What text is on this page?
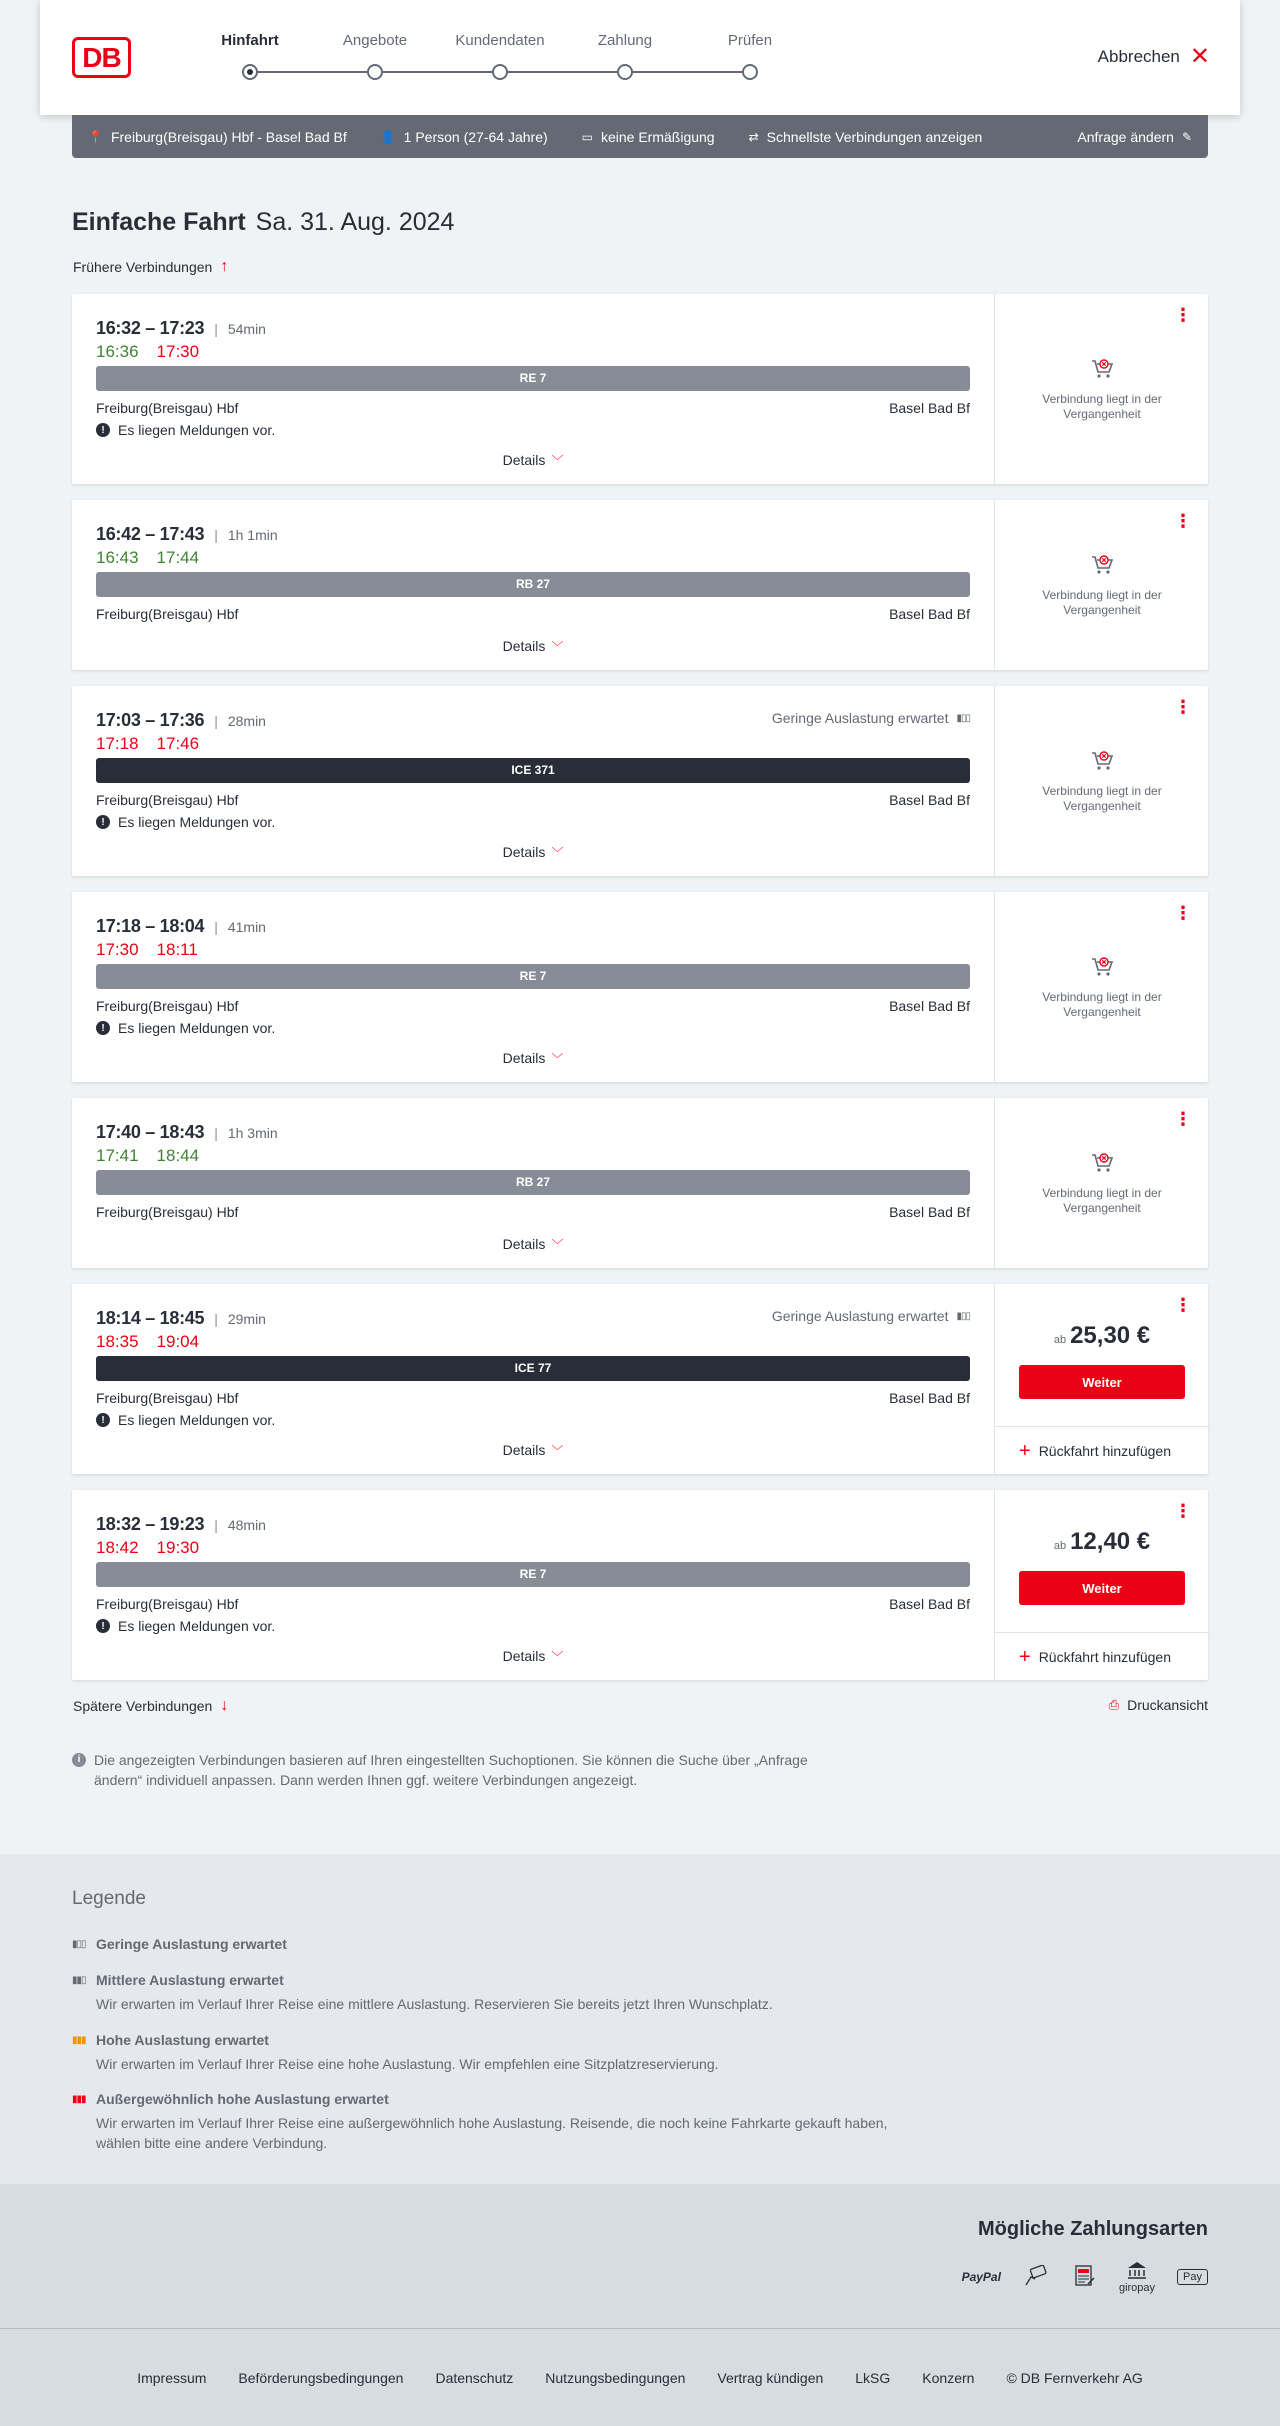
DB
Hinfahrt	Angebote	Kundendaten	Zahlung	Prüfen
Abbrechen ✕
📍 Freiburg(Breisgau) Hbf - Basel Bad Bf	👤 1 Person (27-64 Jahre)	▭ keine Ermäßigung	⇄ Schnellste Verbindungen anzeigen	Anfrage ändern ✎
Einfache Fahrt Sa. 31. Aug. 2024
Frühere Verbindungen ↑
16:32 – 17:23 | 54min
16:36 17:30
RE 7
Freiburg(Breisgau) Hbf	Basel Bad Bf
! Es liegen Meldungen vor.
Details ﹀
⋮
Verbindung liegt in der Vergangenheit
16:42 – 17:43 | 1h 1min
16:43 17:44
RB 27
Freiburg(Breisgau) Hbf	Basel Bad Bf
Details ﹀
⋮
Verbindung liegt in der Vergangenheit
17:03 – 17:36 | 28min	Geringe Auslastung erwartet ▮▯▯
17:18 17:46
ICE 371
Freiburg(Breisgau) Hbf	Basel Bad Bf
! Es liegen Meldungen vor.
Details ﹀
⋮
Verbindung liegt in der Vergangenheit
17:18 – 18:04 | 41min
17:30 18:11
RE 7
Freiburg(Breisgau) Hbf	Basel Bad Bf
! Es liegen Meldungen vor.
Details ﹀
⋮
Verbindung liegt in der Vergangenheit
17:40 – 18:43 | 1h 3min
17:41 18:44
RB 27
Freiburg(Breisgau) Hbf	Basel Bad Bf
Details ﹀
⋮
Verbindung liegt in der Vergangenheit
18:14 – 18:45 | 29min	Geringe Auslastung erwartet ▮▯▯
18:35 19:04
ICE 77
Freiburg(Breisgau) Hbf	Basel Bad Bf
! Es liegen Meldungen vor.
Details ﹀
⋮
ab 25,30 €
Weiter
+ Rückfahrt hinzufügen
18:32 – 19:23 | 48min
18:42 19:30
RE 7
Freiburg(Breisgau) Hbf	Basel Bad Bf
! Es liegen Meldungen vor.
Details ﹀
⋮
ab 12,40 €
Weiter
+ Rückfahrt hinzufügen
Spätere Verbindungen ↓	⎙ Druckansicht
i Die angezeigten Verbindungen basieren auf Ihren eingestellten Suchoptionen. Sie können die Suche über „Anfrage ändern“ individuell anpassen. Dann werden Ihnen ggf. weitere Verbindungen angezeigt.
Legende
▮▯▯ Geringe Auslastung erwartet
▮▮▯ Mittlere Auslastung erwartet
Wir erwarten im Verlauf Ihrer Reise eine mittlere Auslastung. Reservieren Sie bereits jetzt Ihren Wunschplatz.
▮▮▮ Hohe Auslastung erwartet
Wir erwarten im Verlauf Ihrer Reise eine hohe Auslastung. Wir empfehlen eine Sitzplatzreservierung.
▮▮▮ Außergewöhnlich hohe Auslastung erwartet
Wir erwarten im Verlauf Ihrer Reise eine außergewöhnlich hohe Auslastung. Reisende, die noch keine Fahrkarte gekauft haben, wählen bitte eine andere Verbindung.
Mögliche Zahlungsarten
PayPal

giropay
Pay
Impressum Beförderungsbedingungen Datenschutz Nutzungsbedingungen Vertrag kündigen LkSG Konzern © DB Fernverkehr AG
